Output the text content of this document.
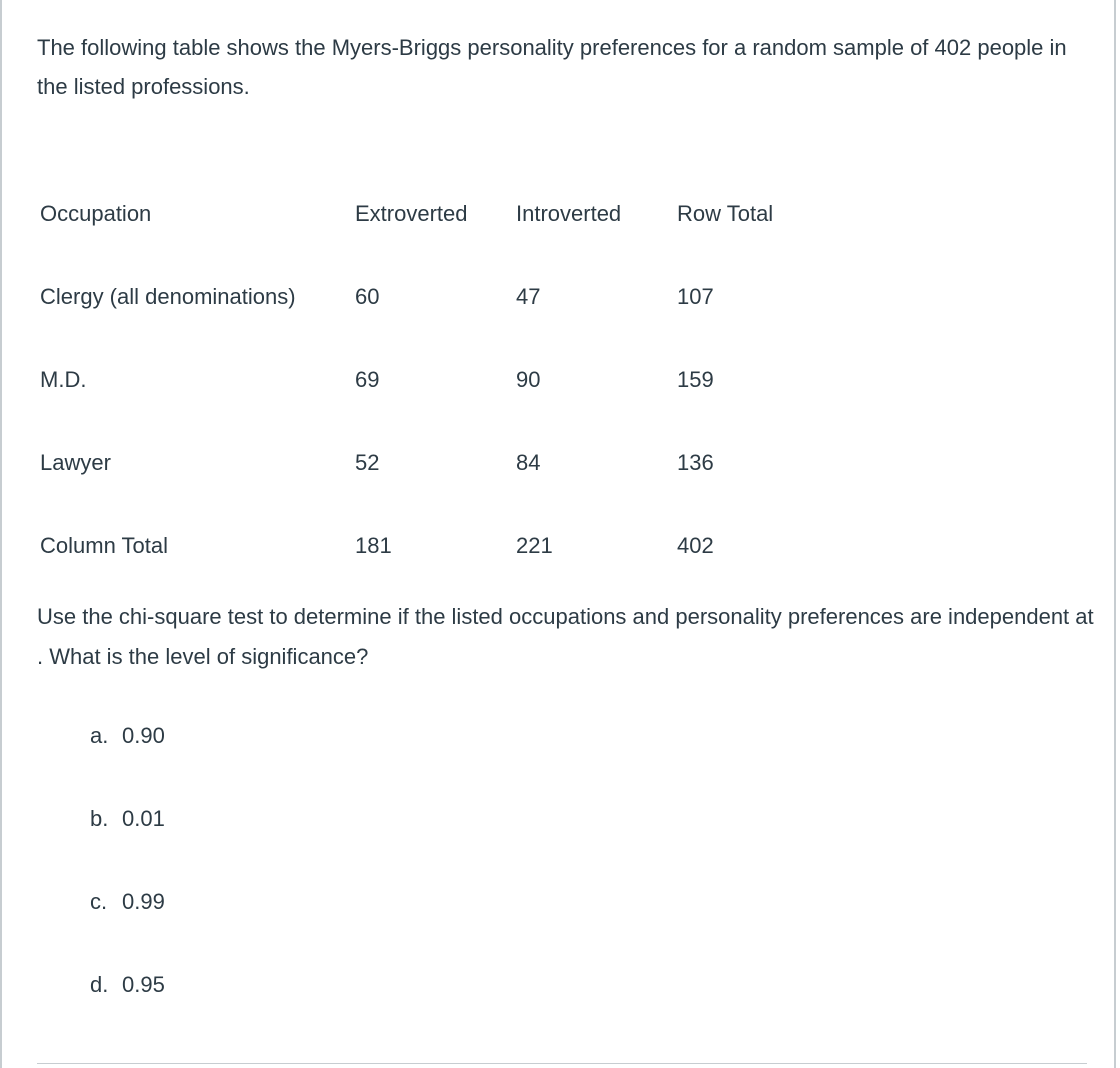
The following table shows the Myers-Briggs personality preferences for a random sample of 402 people in the listed professions.

Occupation	Extroverted	Introverted	Row Total
Clergy (all denominations)	60	47	107
M.D.	69	90	159
Lawyer	52	84	136
Column Total	181	221	402

Use the chi-square test to determine if the listed occupations and personality preferences are independent at . What is the level of significance?

a. 0.90
b. 0.01
c. 0.99
d. 0.95
